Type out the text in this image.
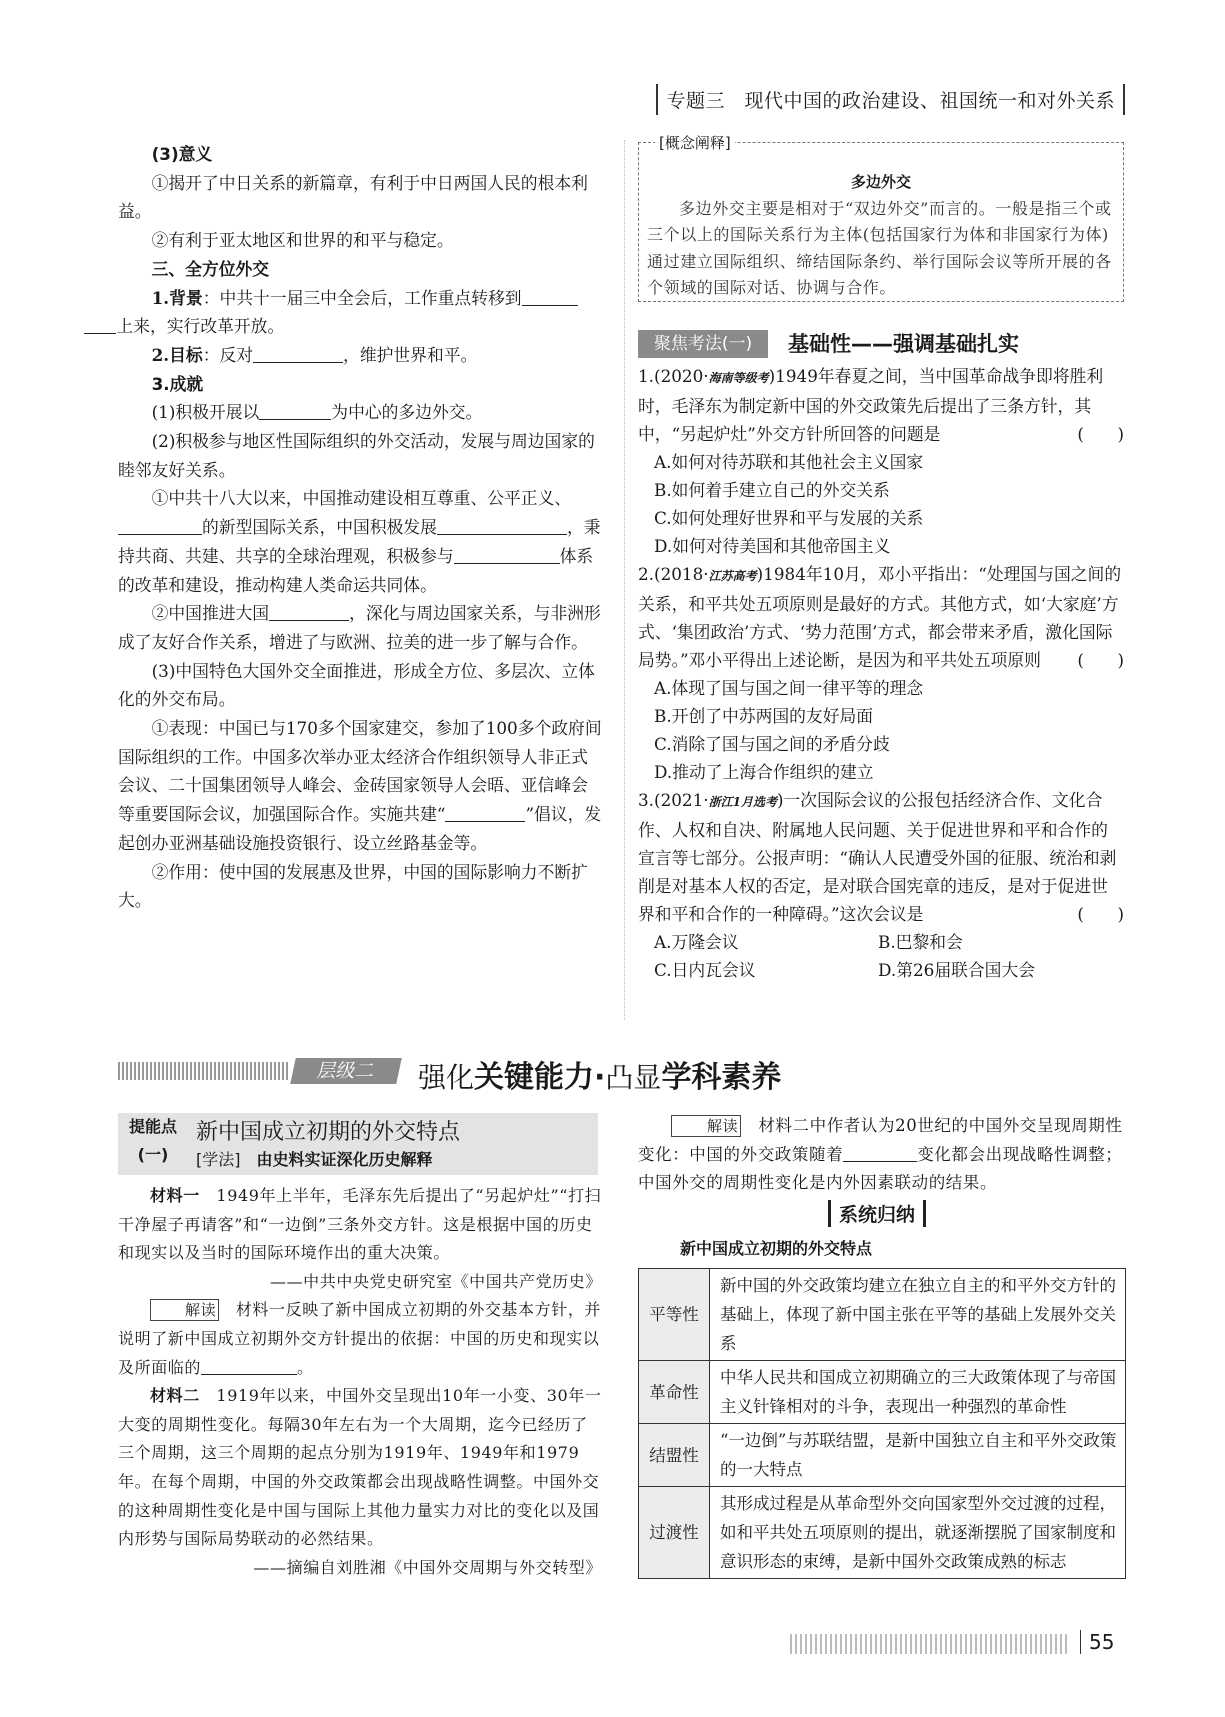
专题三　现代中国的政治建设、祖国统一和对外关系

(3)意义

①揭开了中日关系的新篇章，有利于中日两国人民的根本利益。

②有利于亚太地区和世界的和平与稳定。

三、全方位外交

1.背景：中共十一届三中全会后，工作重点转移到
上来，实行改革开放。

2.目标：反对	，维护世界和平。

3.成就

(1)积极开展以	为中心的多边外交。

(2)积极参与地区性国际组织的外交活动，发展与周边国家的睦邻友好关系。

①中共十八大以来，中国推动建设相互尊重、公平正义、的新型国际关系，中国积极发展	，秉持共商、共建、共享的全球治理观，积极参与	体系的改革和建设，推动构建人类命运共同体。

②中国推进大国	，深化与周边国家关系，与非洲形成了友好合作关系，增进了与欧洲、拉美的进一步了解与合作。

(3)中国特色大国外交全面推进，形成全方位、多层次、立体化的外交布局。

①表现：中国已与170多个国家建交，参加了100多个政府间国际组织的工作。中国多次举办亚太经济合作组织领导人非正式会议、二十国集团领导人峰会、金砖国家领导人会晤、亚信峰会等重要国际会议，加强国际合作。实施共建“	”倡议，发起创办亚洲基础设施投资银行、设立丝路基金等。

②作用：使中国的发展惠及世界，中国的国际影响力不断扩大。

[概念阐释]
多边外交
多边外交主要是相对于“双边外交”而言的。一般是指三个或三个以上的国际关系行为主体(包括国家行为体和非国家行为体)通过建立国际组织、缔结国际条约、举行国际会议等所开展的各个领域的国际对话、协调与合作。
聚焦考法(一)	基础性——强调基础扎实

1.(2020·海南等级考)1949年春夏之间，当中国革命战争即将胜利时，毛泽东为制定新中国的外交政策先后提出了三条方针，其中，“另起炉灶”外交方针所回答的问题是	(　　)

A.如何对待苏联和其他社会主义国家

B.如何着手建立自己的外交关系

C.如何处理好世界和平与发展的关系

D.如何对待美国和其他帝国主义

2.(2018·江苏高考)1984年10月，邓小平指出：“处理国与国之间的关系，和平共处五项原则是最好的方式。其他方式，如‘大家庭’方式、‘集团政治’方式、‘势力范围’方式，都会带来矛盾，激化国际局势。”邓小平得出上述论断，是因为和平共处五项原则 (　　)

A.体现了国与国之间一律平等的理念

B.开创了中苏两国的友好局面

C.消除了国与国之间的矛盾分歧

D.推动了上海合作组织的建立

3.(2021·浙江1月选考)一次国际会议的公报包括经济合作、文化合作、人权和自决、附属地人民问题、关于促进世界和平和合作的宣言等七部分。公报声明：“确认人民遭受外国的征服、统治和剥削是对基本人权的否定，是对联合国宪章的违反，是对于促进世界和平和合作的一种障碍。”这次会议是	(　　)

A.万隆会议	B.巴黎和会

C.日内瓦会议	D.第26届联合国大会

层级二	强化关键能力·凸显学科素养
提能点
(一)
新中国成立初期的外交特点
[学法]　由史料实证深化历史解释

材料一　 1949年上半年，毛泽东先后提出了“另起炉灶”“打扫干净屋子再请客”和“一边倒”三条外交方针。这是根据中国的历史和现实以及当时的国际环境作出的重大决策。

——中共中央党史研究室《中国共产党历史》

解读　 材料一反映了新中国成立初期的外交基本方针，并说明了新中国成立初期外交方针提出的依据：中国的历史和现实以及所面临的	。

材料二　 1919年以来，中国外交呈现出10年一小变、30年一大变的周期性变化。每隔30年左右为一个大周期，迄今已经历了三个周期，这三个周期的起点分别为1919年、1949年和1979年。在每个周期，中国的外交政策都会出现战略性调整。中国外交的这种周期性变化是中国与国际上其他力量实力对比的变化以及国内形势与国际局势联动的必然结果。

——摘编自刘胜湘《中国外交周期与外交转型》

解读　 材料二中作者认为20世纪的中国外交呈现周期性变化：中国的外交政策随着	变化都会出现战略性调整；中国外交的周期性变化是内外因素联动的结果。

系统归纳
新中国成立初期的外交特点
平等性	新中国的外交政策均建立在独立自主的和平外交方针的基础上，体现了新中国主张在平等的基础上发展外交关系
革命性	中华人民共和国成立初期确立的三大政策体现了与帝国主义针锋相对的斗争，表现出一种强烈的革命性
结盟性	“一边倒”与苏联结盟，是新中国独立自主和平外交政策的一大特点
过渡性	其形成过程是从革命型外交向国家型外交过渡的过程，如和平共处五项原则的提出，就逐渐摆脱了国家制度和意识形态的束缚，是新中国外交政策成熟的标志
55
